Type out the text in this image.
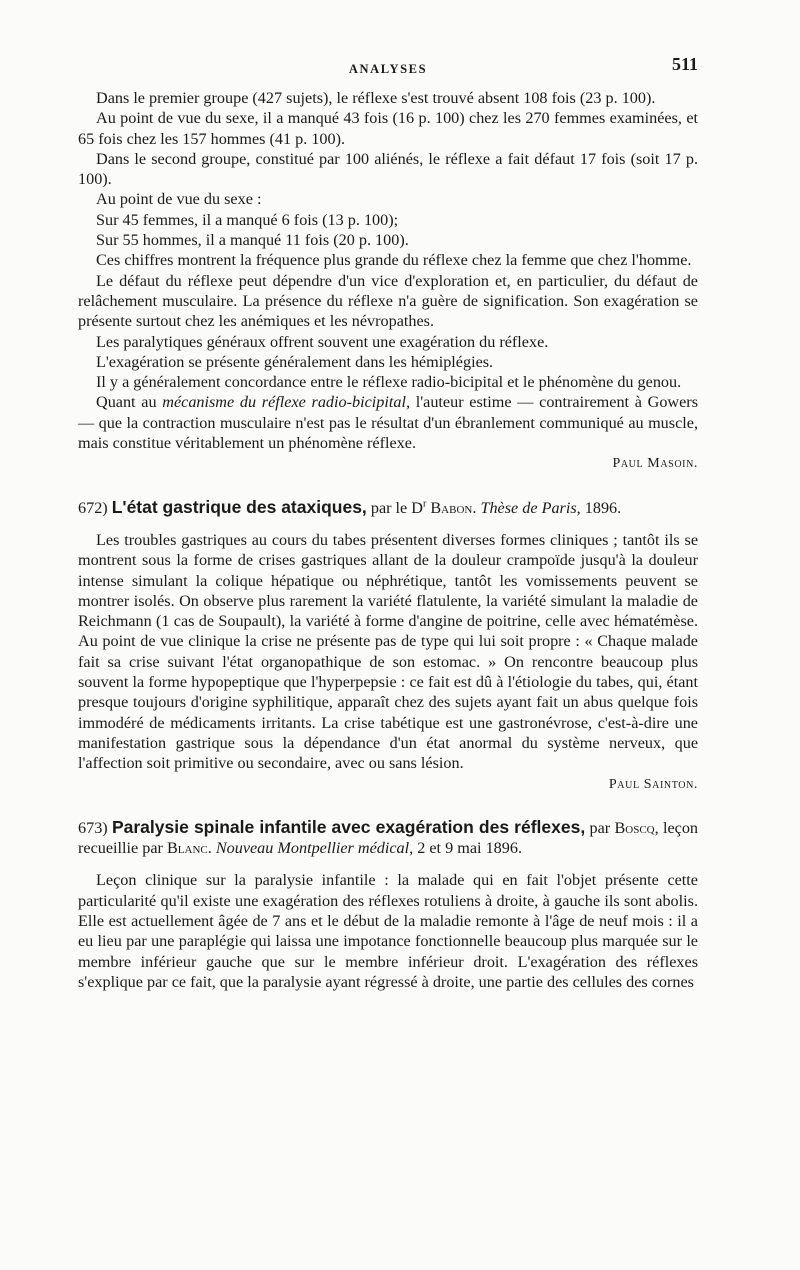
ANALYSES	511

Dans le premier groupe (427 sujets), le réflexe s'est trouvé absent 108 fois (23 p. 100).

Au point de vue du sexe, il a manqué 43 fois (16 p. 100) chez les 270 femmes examinées, et 65 fois chez les 157 hommes (41 p. 100).

Dans le second groupe, constitué par 100 aliénés, le réflexe a fait défaut 17 fois (soit 17 p. 100).

Au point de vue du sexe :

Sur 45 femmes, il a manqué 6 fois (13 p. 100);

Sur 55 hommes, il a manqué 11 fois (20 p. 100).

Ces chiffres montrent la fréquence plus grande du réflexe chez la femme que chez l'homme.

Le défaut du réflexe peut dépendre d'un vice d'exploration et, en particulier, du défaut de relâchement musculaire. La présence du réflexe n'a guère de signification. Son exagération se présente surtout chez les anémiques et les névropathes.

Les paralytiques généraux offrent souvent une exagération du réflexe.

L'exagération se présente généralement dans les hémiplégies.

Il y a généralement concordance entre le réflexe radio-bicipital et le phénomène du genou.

Quant au mécanisme du réflexe radio-bicipital, l'auteur estime — contrairement à Gowers — que la contraction musculaire n'est pas le résultat d'un ébranlement communiqué au muscle, mais constitue véritablement un phénomène réflexe.

Paul Masoin.

672) L'état gastrique des ataxiques, par le $D^r$ Babon. Thèse de Paris, 1896.

Les troubles gastriques au cours du tabes présentent diverses formes cliniques ; tantôt ils se montrent sous la forme de crises gastriques allant de la douleur crampoïde jusqu'à la douleur intense simulant la colique hépatique ou néphrétique, tantôt les vomissements peuvent se montrer isolés. On observe plus rarement la variété flatulente, la variété simulant la maladie de Reichmann (1 cas de Soupault), la variété à forme d'angine de poitrine, celle avec hématémèse. Au point de vue clinique la crise ne présente pas de type qui lui soit propre : « Chaque malade fait sa crise suivant l'état organopathique de son estomac. » On rencontre beaucoup plus souvent la forme hypopeptique que l'hyperpepsie : ce fait est dû à l'étiologie du tabes, qui, étant presque toujours d'origine syphilitique, apparaît chez des sujets ayant fait un abus quelque fois immodéré de médicaments irritants. La crise tabétique est une gastronévrose, c'est-à-dire une manifestation gastrique sous la dépendance d'un état anormal du système nerveux, que l'affection soit primitive ou secondaire, avec ou sans lésion.

Paul Sainton.

673) Paralysie spinale infantile avec exagération des réflexes, par Boscq, leçon recueillie par Blanc. Nouveau Montpellier médical, 2 et 9 mai 1896.

Leçon clinique sur la paralysie infantile : la malade qui en fait l'objet présente cette particularité qu'il existe une exagération des réflexes rotuliens à droite, à gauche ils sont abolis. Elle est actuellement âgée de 7 ans et le début de la maladie remonte à l'âge de neuf mois : il a eu lieu par une paraplégie qui laissa une impotance fonctionnelle beaucoup plus marquée sur le membre inférieur gauche que sur le membre inférieur droit. L'exagération des réflexes s'explique par ce fait, que la paralysie ayant régressé à droite, une partie des cellules des cornes
